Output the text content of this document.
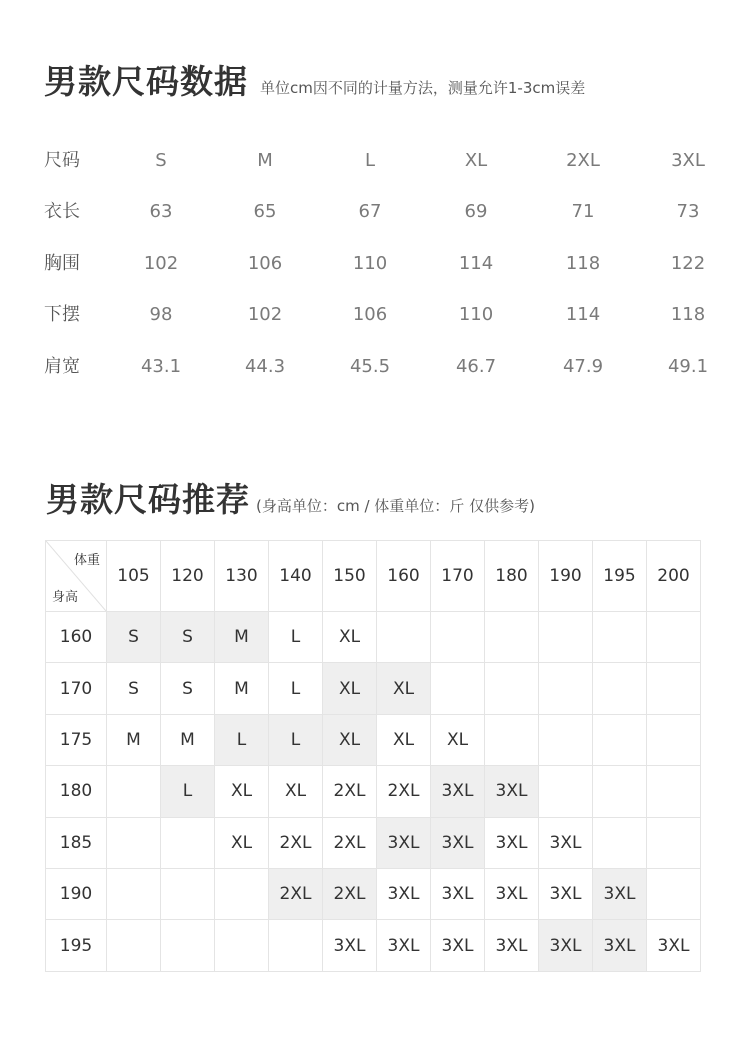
男款尺码数据 单位cm因不同的计量方法，测量允许1-3cm误差
尺码	S	M	L	XL	2XL	3XL
衣长	63	65	67	69	71	73
胸围	102	106	110	114	118	122
下摆	98	102	106	110	114	118
肩宽	43.1	44.3	45.5	46.7	47.9	49.1
男款尺码推荐 (身高单位：cm / 体重单位：斤 仅供参考)
体重
身高	105	120	130	140	150	160	170	180	190	195	200
160	S	S	M	L	XL						
170	S	S	M	L	XL	XL					
175	M	M	L	L	XL	XL	XL				
180		L	XL	XL	2XL	2XL	3XL	3XL			
185			XL	2XL	2XL	3XL	3XL	3XL	3XL		
190				2XL	2XL	3XL	3XL	3XL	3XL	3XL	
195					3XL	3XL	3XL	3XL	3XL	3XL	3XL
